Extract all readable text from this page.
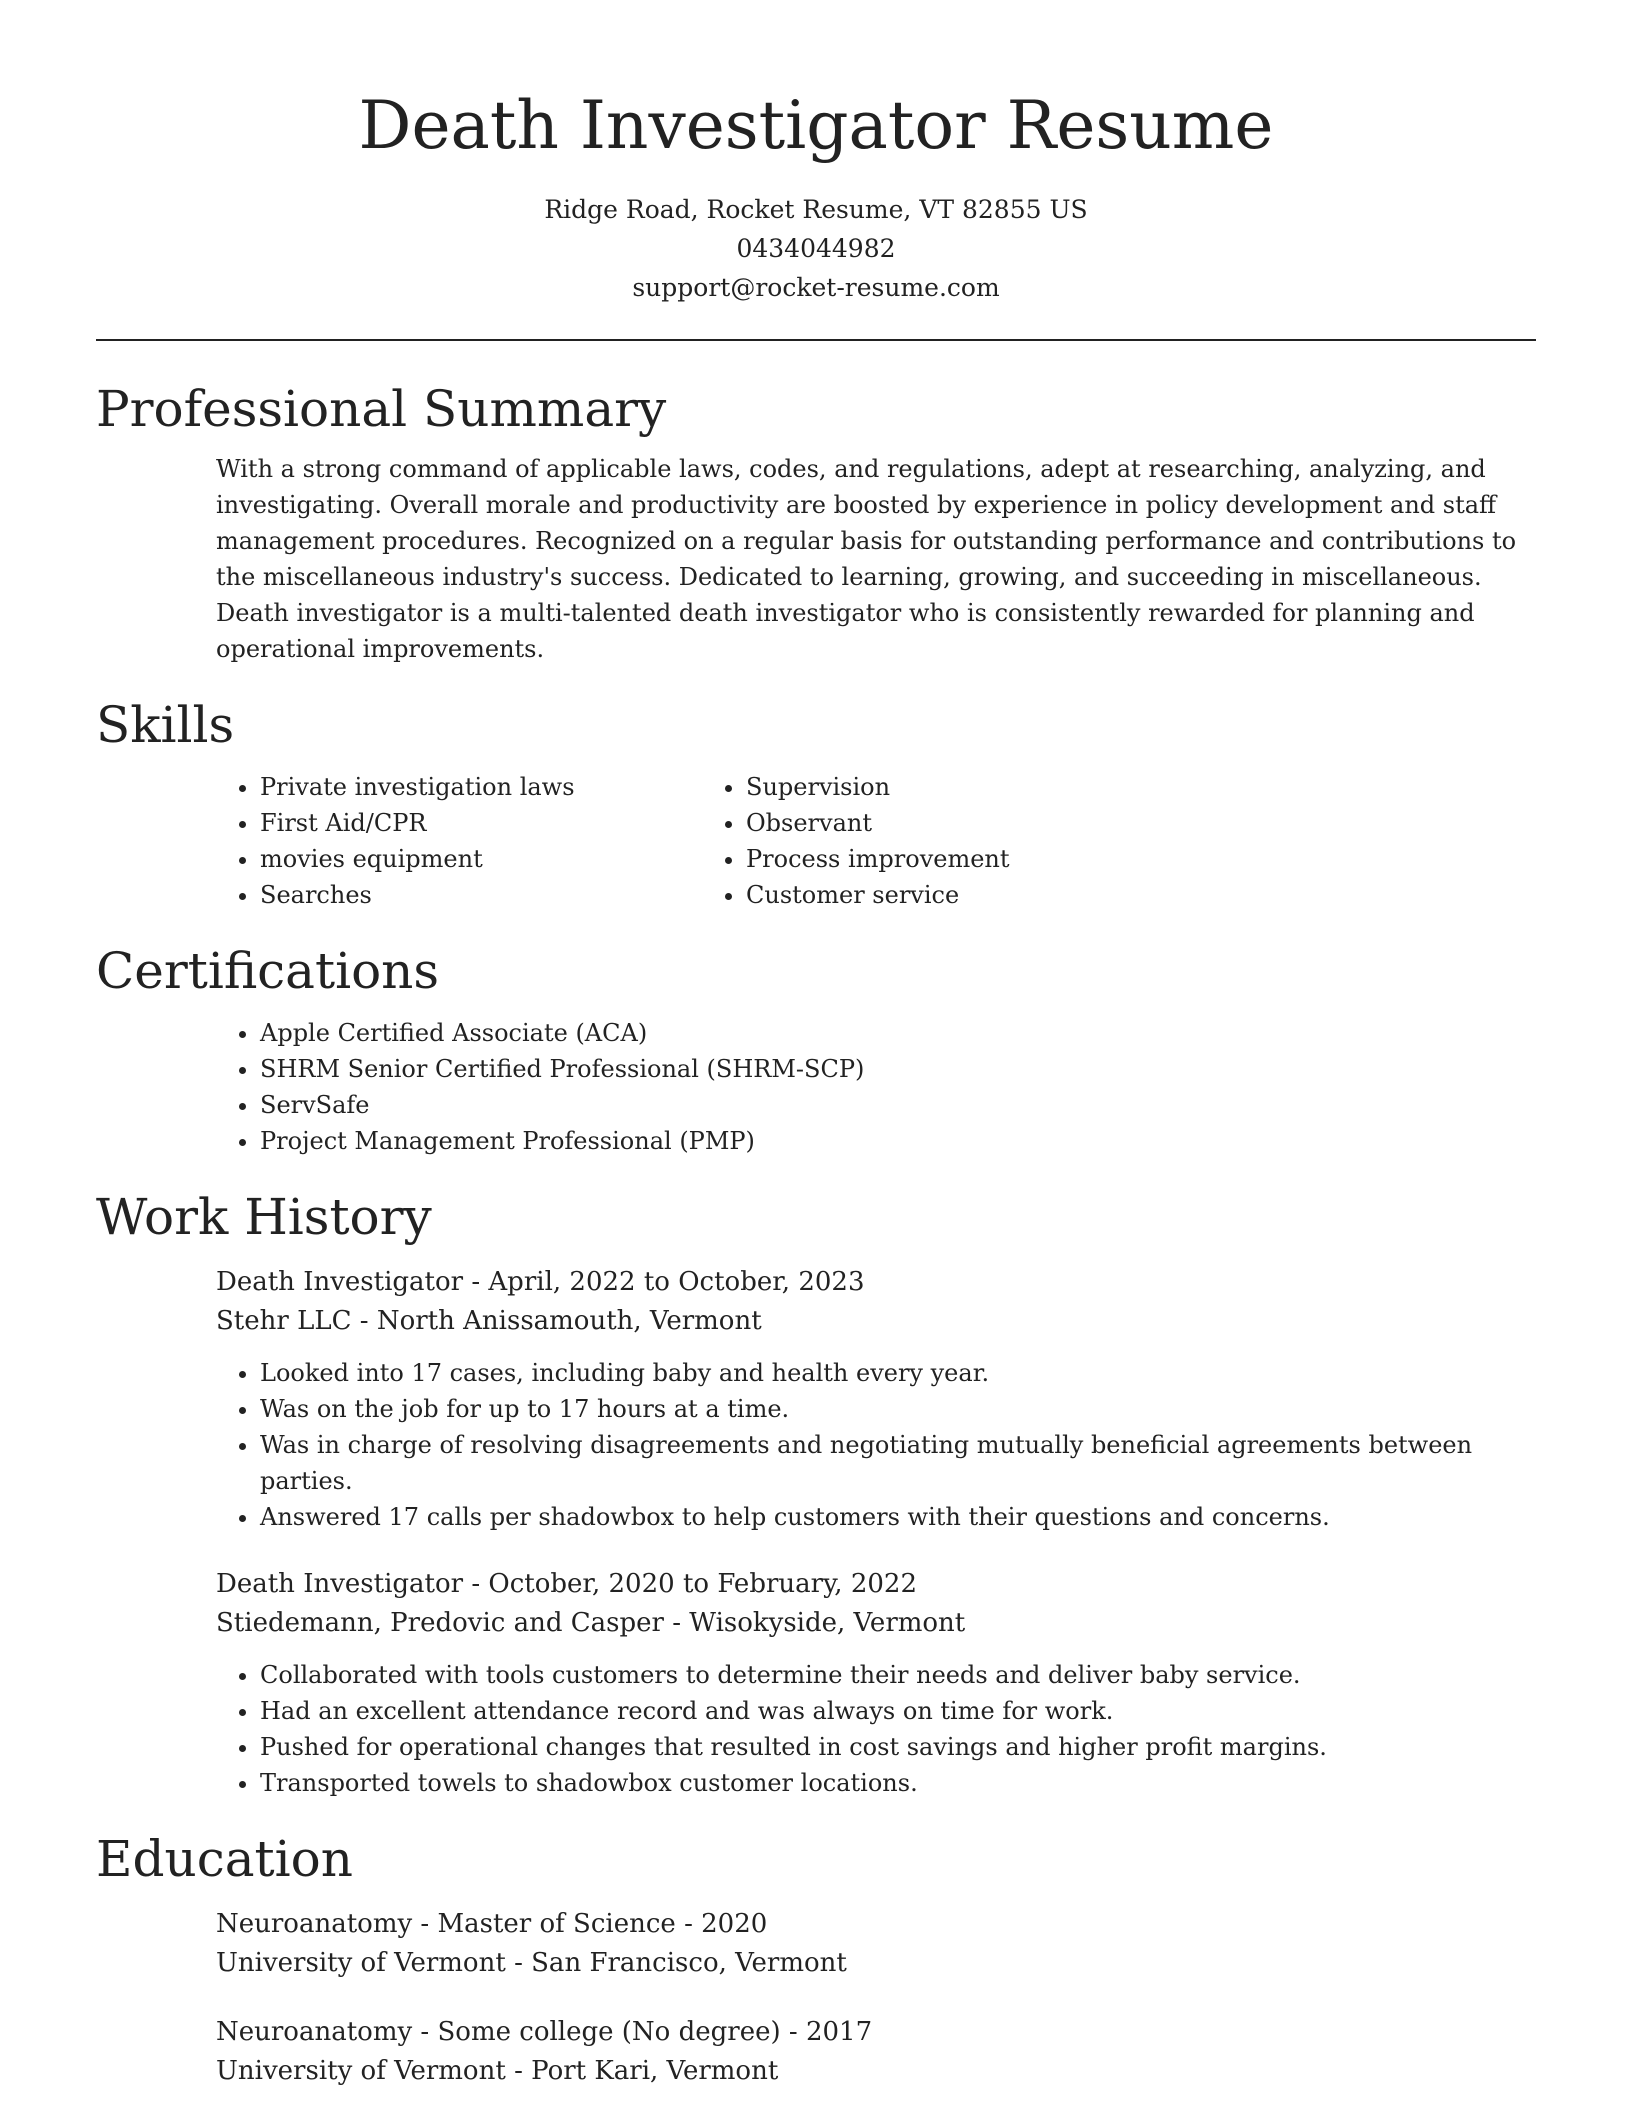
Death Investigator Resume
Ridge Road, Rocket Resume, VT 82855 US
0434044982
support@rocket-resume.com
Professional Summary

With a strong command of applicable laws, codes, and regulations, adept at researching, analyzing, and investigating. Overall morale and productivity are boosted by experience in policy development and staff management procedures. Recognized on a regular basis for outstanding performance and contributions to the miscellaneous industry's success. Dedicated to learning, growing, and succeeding in miscellaneous. Death investigator is a multi-talented death investigator who is consistently rewarded for planning and operational improvements.

Skills
• Private investigation laws
• First Aid/CPR
• movies equipment
• Searches
• Supervision
• Observant
• Process improvement
• Customer service
Certifications
• Apple Certified Associate (ACA)
• SHRM Senior Certified Professional (SHRM-SCP)
• ServSafe
• Project Management Professional (PMP)
Work History
Death Investigator - April, 2022 to October, 2023
Stehr LLC - North Anissamouth, Vermont
• Looked into 17 cases, including baby and health every year.
• Was on the job for up to 17 hours at a time.
• Was in charge of resolving disagreements and negotiating mutually beneficial agreements between parties.
• Answered 17 calls per shadowbox to help customers with their questions and concerns.
Death Investigator - October, 2020 to February, 2022
Stiedemann, Predovic and Casper - Wisokyside, Vermont
• Collaborated with tools customers to determine their needs and deliver baby service.
• Had an excellent attendance record and was always on time for work.
• Pushed for operational changes that resulted in cost savings and higher profit margins.
• Transported towels to shadowbox customer locations.
Education
Neuroanatomy - Master of Science - 2020
University of Vermont - San Francisco, Vermont
Neuroanatomy - Some college (No degree) - 2017
University of Vermont - Port Kari, Vermont
